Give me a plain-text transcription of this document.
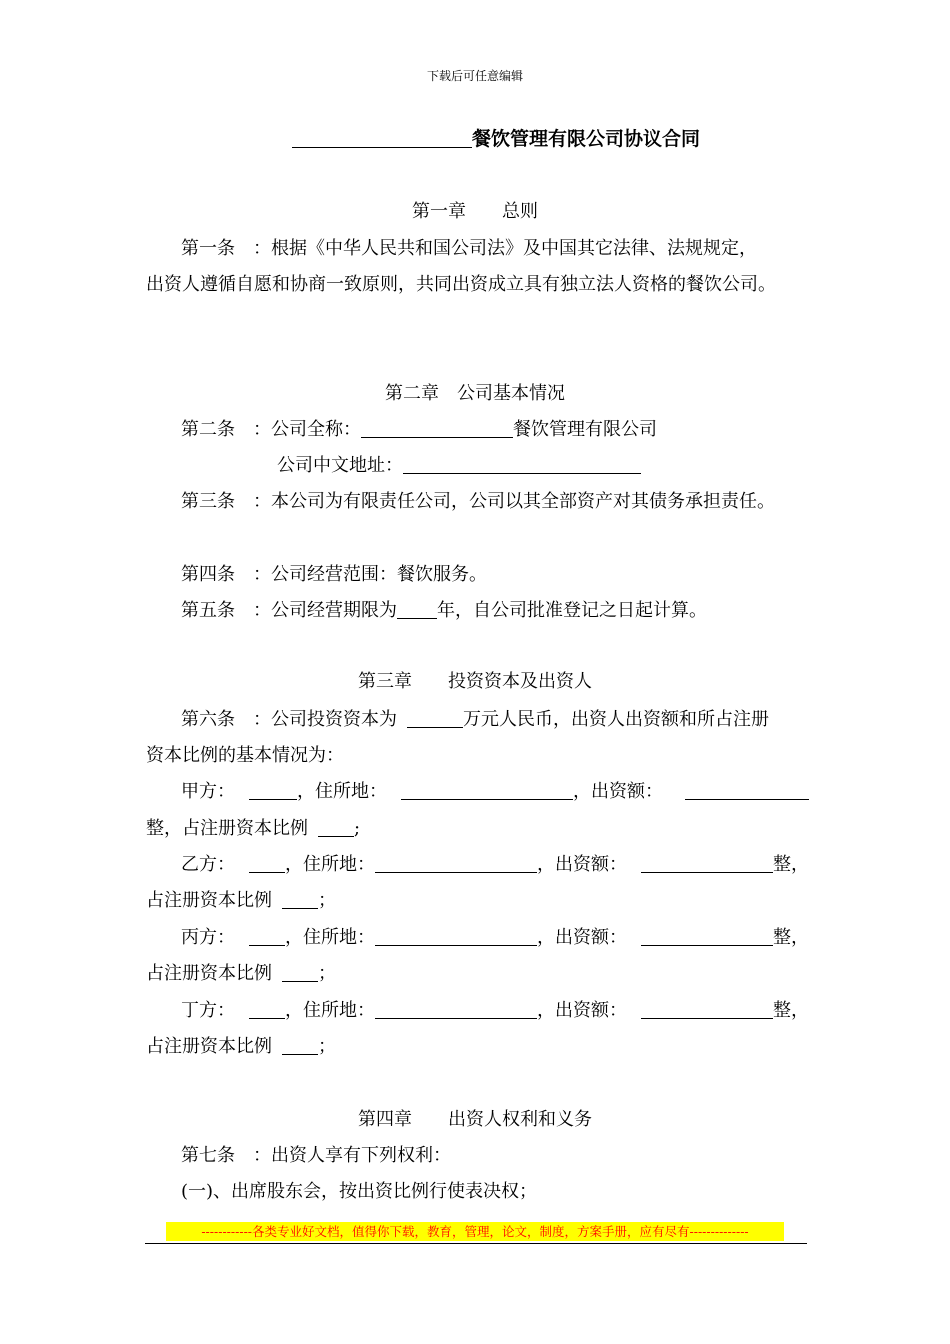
下载后可任意编辑
餐饮管理有限公司协议合同
第一章　　总则
第一条 ：根据《中华人民共和国公司法》及中国其它法律、法规规定，
出资人遵循自愿和协商一致原则，共同出资成立具有独立法人资格的餐饮公司。
第二章　公司基本情况
第二条 ：公司全称：	餐饮管理有限公司
公司中文地址：
第三条 ：本公司为有限责任公司，公司以其全部资产对其债务承担责任。
第四条 ：公司经营范围：餐饮服务。
第五条 ：公司经营期限为 年，自公司批准登记之日起计算。
第三章　　投资资本及出资人
第六条 ：公司投资资本为	万元人民币，出资人出资额和所占注册
资本比例的基本情况为：
甲方：	，住所地：	，出资额：
整，占注册资本比例	;
乙方：	，住所地：	，出资额：	整，
占注册资本比例	；
丙方：	，住所地：	，出资额：	整，
占注册资本比例	；
丁方：	，住所地：	，出资额：	整，
占注册资本比例	；
第四章　　出资人权利和义务
第七条 ：出资人享有下列权利：
(一)、出席股东会，按出资比例行使表决权；
------------各类专业好文档，值得你下载，教育，管理，论文，制度，方案手册，应有尽有--------------
